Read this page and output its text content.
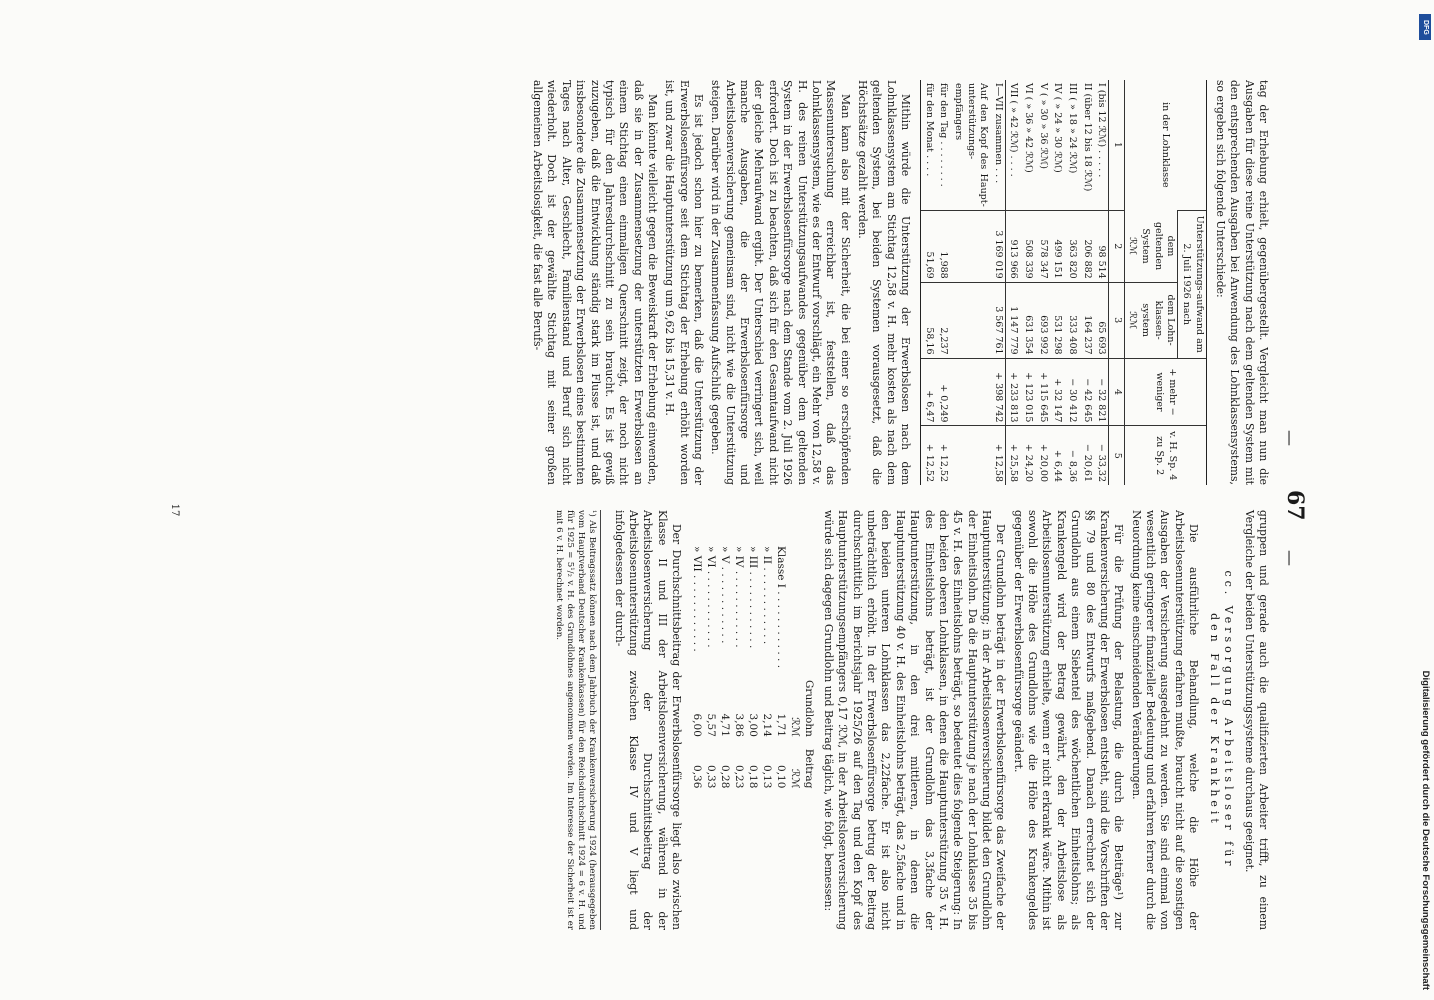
—
67
—

tag der Erhebung erhielt, gegenübergestellt. Vergleicht man nun die Ausgaben für diese reine Unterstützung nach dem geltenden System mit den entsprechenden Ausgaben bei Anwendung des Lohnklassensystems, so ergeben sich folgende Unterschiede:

in der Lohnklasse	Unterstützungs-aufwand am 2. Juli 1926 nach		+ mehr − weniger	v. H. Sp. 4 zu Sp. 2
	dem geltenden System
ℛℳ	dem Lohn-klassen-system
ℛℳ		
1	2	3	4	5
I (bis 12 ℛℳ) . . . . .	98 514	65 693	− 32 821	− 33,32
II (über 12 bis 18 ℛℳ)	206 882	164 237	− 42 645	− 20,61
III ( » 18 » 24 ℛℳ)	363 820	333 408	− 30 412	− 8,36
IV ( » 24 » 30 ℛℳ)	499 151	531 298	+ 32 147	+ 6,44
V ( » 30 » 36 ℛℳ)	578 347	693 992	+ 115 645	+ 20,00
VI ( » 36 » 42 ℛℳ)	508 339	631 354	+ 123 015	+ 24,20
VII ( » 42 ℛℳ) . . . .	913 966	1 147 779	+ 233 813	+ 25,58
I—VII zusammen . . .	3 169 019	3 567 761	+ 398 742	+ 12,58
Auf den Kopf des Haupt-unterstützungs-empfängers				
für den Tag . . . . . . . .	1,988	2,237	+ 0,249	+ 12,52
für den Monat . . . .	51,69	58,16	+ 6,47	+ 12,52

Mithin würde die Unterstützung der Erwerbslosen nach dem Lohnklassensystem am Stichtag 12,58 v. H. mehr kosten als nach dem geltenden System, bei beiden Systemen vorausgesetzt, daß die Höchstsätze gezahlt werden.

Man kann also mit der Sicherheit, die bei einer so erschöpfenden Massenuntersuchung erreichbar ist, feststellen, daß das Lohnklassensystem, wie es der Entwurf vorschlägt, ein Mehr von 12,58 v. H. des reinen Unterstützungsaufwandes gegenüber dem geltenden System in der Erwerbslosenfürsorge nach dem Stande vom 2. Juli 1926 erfordert. Doch ist zu beachten, daß sich für den Gesamtaufwand nicht der gleiche Mehraufwand ergibt. Der Unterschied verringert sich, weil manche Ausgaben, die der Erwerbslosenfürsorge und Arbeitslosenversicherung gemeinsam sind, nicht wie die Unterstützung steigen. Darüber wird in der Zusammenfassung Aufschluß gegeben.

Es ist jedoch schon hier zu bemerken, daß die Unterstützung der Erwerbslosenfürsorge seit dem Stichtag der Erhebung erhöht worden ist, und zwar die Hauptunterstützung um 9,62 bis 15,31 v. H.

Man könnte vielleicht gegen die Beweiskraft der Erhebung einwenden, daß sie in der Zusammensetzung der unterstützten Erwerbslosen an einem Stichtag einen einmaligen Querschnitt zeigt, der noch nicht typisch für den Jahresdurchschnitt zu sein braucht. Es ist gewiß zuzugeben, daß die Entwicklung ständig stark im Flusse ist, und daß insbesondere die Zusammensetzung der Erwerbslosen eines bestimmten Tages nach Alter, Geschlecht, Familienstand und Beruf sich nicht wiederholt. Doch ist der gewählte Stichtag mit seiner großen allgemeinen Arbeitslosigkeit, die fast alle Berufs-

gruppen und gerade auch die qualifizierten Arbeiter trifft, zu einem Vergleiche der beiden Unterstützungssysteme durchaus geeignet.

cc. Versorgung Arbeitsloser für
den Fall der Krankheit

Die ausführliche Behandlung, welche die Höhe der Arbeitslosenunterstützung erfahren mußte, braucht nicht auf die sonstigen Ausgaben der Versicherung ausgedehnt zu werden. Sie sind einmal von wesentlich geringerer finanzieller Bedeutung und erfahren ferner durch die Neuordnung keine einschneidenden Veränderungen.

Für die Prüfung der Belastung, die durch die Beiträge¹) zur Krankenversicherung der Erwerbslosen entsteht, sind die Vorschriften der §§ 79 und 80 des Entwurfs maßgebend. Danach errechnet sich der Grundlohn aus einem Siebentel des wöchentlichen Einheitslohns; als Krankengeld wird der Betrag gewährt, den der Arbeitslose als Arbeitslosenunterstützung erhielte, wenn er nicht erkrankt wäre. Mithin ist sowohl die Höhe des Grundlohns wie die Höhe des Krankengeldes gegenüber der Erwerbslosenfürsorge geändert.

Der Grundlohn beträgt in der Erwerbslosenfürsorge das Zweifache der Hauptunterstützung; in der Arbeitslosenversicherung bildet den Grundlohn der Einheitslohn. Da die Hauptunterstützung je nach der Lohnklasse 35 bis 45 v. H. des Einheitslohns beträgt, so bedeutet dies folgende Steigerung: In den beiden oberen Lohnklassen, in denen die Hauptunterstützung 35 v. H. des Einheitslohns beträgt, ist der Grundlohn das 3,3fache der Hauptunterstützung, in den drei mittleren, in denen die Hauptunterstützung 40 v. H. des Einheitslohns beträgt, das 2,5fache und in den beiden unteren Lohnklassen das 2,22fache. Er ist also nicht unbeträchtlich erhöht. In der Erwerbslosenfürsorge betrug der Beitrag durchschnittlich im Berichtsjahr 1925/26 auf den Tag und den Kopf des Hauptunterstützungsempfängers 0,17 ℛℳ, in der Arbeitslosenversicherung würde sich dagegen Grundlohn und Beitrag täglich, wie folgt, bemessen:

	Grundlohn	Beitrag
	ℛℳ	ℛℳ
Klasse I . . . . . . . . . . . .	1,71	0,10
» II . . . . . . . . . . . .	2,14	0,13
» III . . . . . . . . . . . .	3,00	0,18
» IV . . . . . . . . . . . .	3,86	0,23
» V . . . . . . . . . . . .	4,71	0,28
» VI . . . . . . . . . . . .	5,57	0,33
» VII . . . . . . . . . . . .	6,00	0,36

Der Durchschnittsbeitrag der Erwerbslosenfürsorge liegt also zwischen Klasse II und III der Arbeitslosenversicherung, während in der Arbeitslosenversicherung der Durchschnittsbeitrag der Arbeitslosenunterstützung zwischen Klasse IV und V liegt und infolgedessen der durch-

¹) Als Beitragssatz können nach dem Jahrbuch der Krankenversicherung 1924 (herausgegeben vom Hauptverband Deutscher Krankenkassen) für den Reichsdurchschnitt 1924 = 6 v. H. und für 1925 = 5¹/₂ v. H. des Grundlohnes angenommen werden. Im Interesse der Sicherheit ist er mit 6 v. H. berechnet worden.
17
DFG
Digitalisierung gefördert durch die Deutsche Forschungsgemeinschaft
